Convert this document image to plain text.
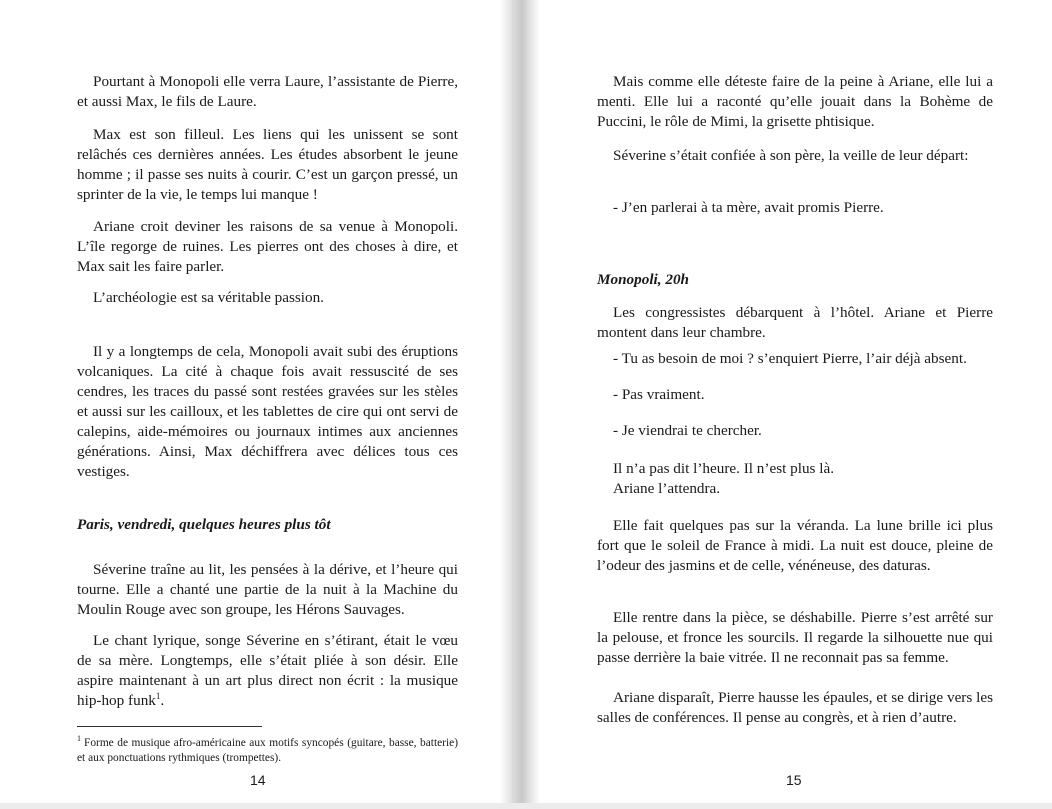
Pourtant à Monopoli elle verra Laure, l’assistante de Pierre, et aussi Max, le fils de Laure.

Max est son filleul. Les liens qui les unissent se sont relâchés ces dernières années. Les études absorbent le jeune homme ; il passe ses nuits à courir. C’est un garçon pressé, un sprinter de la vie, le temps lui manque !

Ariane croit deviner les raisons de sa venue à Monopoli. L’île regorge de ruines. Les pierres ont des choses à dire, et Max sait les faire parler.

L’archéologie est sa véritable passion.

Il y a longtemps de cela, Monopoli avait subi des éruptions volcaniques. La cité à chaque fois avait ressuscité de ses cendres, les traces du passé sont restées gravées sur les stèles et aussi sur les cailloux, et les tablettes de cire qui ont servi de calepins, aide-mémoires ou journaux intimes aux anciennes générations. Ainsi, Max déchiffrera avec délices tous ces vestiges.

Paris, vendredi, quelques heures plus tôt

Séverine traîne au lit, les pensées à la dérive, et l’heure qui tourne. Elle a chanté une partie de la nuit à la Machine du Moulin Rouge avec son groupe, les Hérons Sauvages.

Le chant lyrique, songe Séverine en s’étirant, était le vœu de sa mère. Longtemps, elle s’était pliée à son désir. Elle aspire maintenant à un art plus direct non écrit : la musique hip-hop funk$^1$.

$^1$ Forme de musique afro-américaine aux motifs syncopés (guitare, basse, batterie) et aux ponctuations rythmiques (trompettes).
14

Mais comme elle déteste faire de la peine à Ariane, elle lui a menti. Elle lui a raconté qu’elle jouait dans la Bohème de Puccini, le rôle de Mimi, la grisette phtisique.

Séverine s’était confiée à son père, la veille de leur départ:

- J’en parlerai à ta mère, avait promis Pierre.

Monopoli, 20h

Les congressistes débarquent à l’hôtel. Ariane et Pierre montent dans leur chambre.

- Tu as besoin de moi ? s’enquiert Pierre, l’air déjà absent.

- Pas vraiment.

- Je viendrai te chercher.

Il n’a pas dit l’heure. Il n’est plus là.

Ariane l’attendra.

Elle fait quelques pas sur la véranda. La lune brille ici plus fort que le soleil de France à midi. La nuit est douce, pleine de l’odeur des jasmins et de celle, vénéneuse, des daturas.

Elle rentre dans la pièce, se déshabille. Pierre s’est arrêté sur la pelouse, et fronce les sourcils. Il regarde la silhouette nue qui passe derrière la baie vitrée. Il ne reconnait pas sa femme.

Ariane disparaît, Pierre hausse les épaules, et se dirige vers les salles de conférences. Il pense au congrès, et à rien d’autre.

15
